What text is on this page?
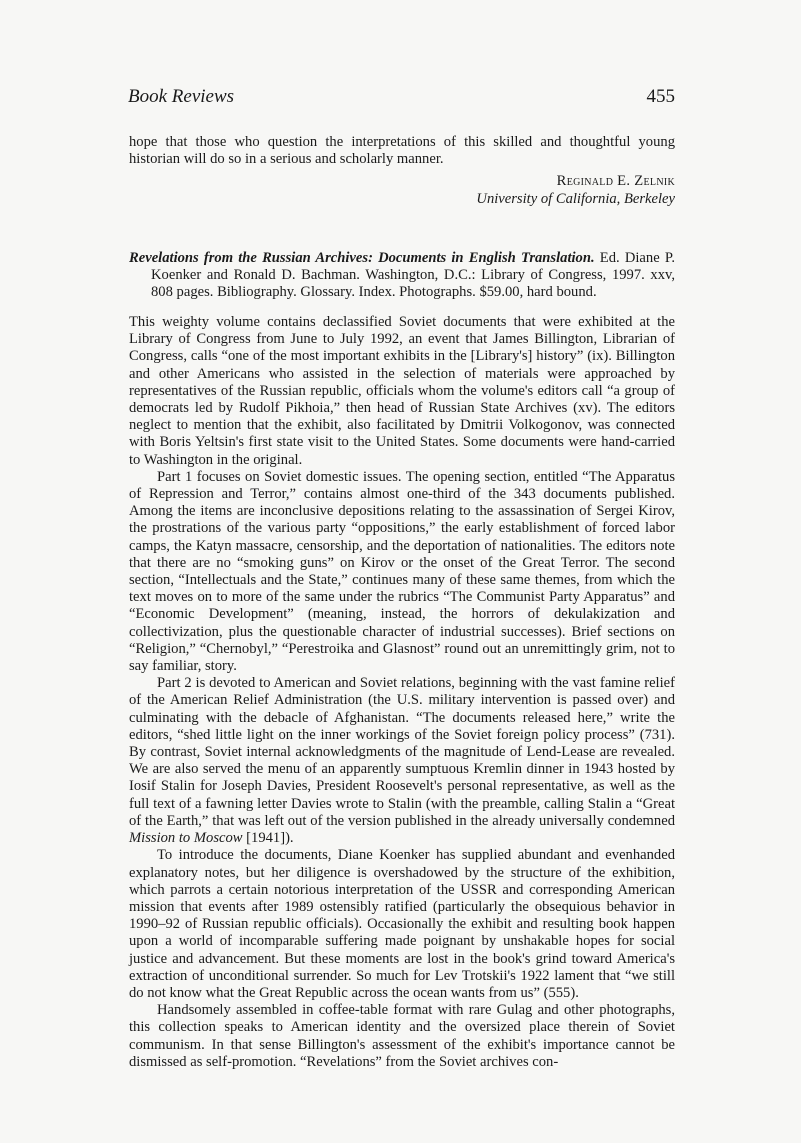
Book Reviews	455

hope that those who question the interpretations of this skilled and thoughtful young historian will do so in a serious and scholarly manner.

Reginald E. Zelnik
University of California, Berkeley
Revelations from the Russian Archives: Documents in English Translation. Ed. Diane P. Koenker and Ronald D. Bachman. Washington, D.C.: Library of Congress, 1997. xxv, 808 pages. Bibliography. Glossary. Index. Photographs. $59.00, hard bound.

This weighty volume contains declassified Soviet documents that were exhibited at the Library of Congress from June to July 1992, an event that James Billington, Librarian of Congress, calls “one of the most important exhibits in the [Library's] history” (ix). Billington and other Americans who assisted in the selection of materials were approached by representatives of the Russian republic, officials whom the volume's editors call “a group of democrats led by Rudolf Pikhoia,” then head of Russian State Archives (xv). The editors neglect to mention that the exhibit, also facilitated by Dmitrii Volkogonov, was connected with Boris Yeltsin's first state visit to the United States. Some documents were hand-carried to Washington in the original.

Part 1 focuses on Soviet domestic issues. The opening section, entitled “The Apparatus of Repression and Terror,” contains almost one-third of the 343 documents published. Among the items are inconclusive depositions relating to the assassination of Sergei Kirov, the prostrations of the various party “oppositions,” the early establishment of forced labor camps, the Katyn massacre, censorship, and the deportation of nationalities. The editors note that there are no “smoking guns” on Kirov or the onset of the Great Terror. The second section, “Intellectuals and the State,” continues many of these same themes, from which the text moves on to more of the same under the rubrics “The Communist Party Apparatus” and “Economic Development” (meaning, instead, the horrors of dekulakization and collectivization, plus the questionable character of industrial successes). Brief sections on “Religion,” “Chernobyl,” “Perestroika and Glasnost” round out an unremittingly grim, not to say familiar, story.

Part 2 is devoted to American and Soviet relations, beginning with the vast famine relief of the American Relief Administration (the U.S. military intervention is passed over) and culminating with the debacle of Afghanistan. “The documents released here,” write the editors, “shed little light on the inner workings of the Soviet foreign policy process” (731). By contrast, Soviet internal acknowledgments of the magnitude of Lend-Lease are revealed. We are also served the menu of an apparently sumptuous Kremlin dinner in 1943 hosted by Iosif Stalin for Joseph Davies, President Roosevelt's personal representative, as well as the full text of a fawning letter Davies wrote to Stalin (with the preamble, calling Stalin a “Great of the Earth,” that was left out of the version published in the already universally condemned Mission to Moscow [1941]).

To introduce the documents, Diane Koenker has supplied abundant and evenhanded explanatory notes, but her diligence is overshadowed by the structure of the exhibition, which parrots a certain notorious interpretation of the USSR and corresponding American mission that events after 1989 ostensibly ratified (particularly the obsequious behavior in 1990–92 of Russian republic officials). Occasionally the exhibit and resulting book happen upon a world of incomparable suffering made poignant by unshakable hopes for social justice and advancement. But these moments are lost in the book's grind toward America's extraction of unconditional surrender. So much for Lev Trotskii's 1922 lament that “we still do not know what the Great Republic across the ocean wants from us” (555).

Handsomely assembled in coffee-table format with rare Gulag and other photographs, this collection speaks to American identity and the oversized place therein of Soviet communism. In that sense Billington's assessment of the exhibit's importance cannot be dismissed as self-promotion. “Revelations” from the Soviet archives con-
